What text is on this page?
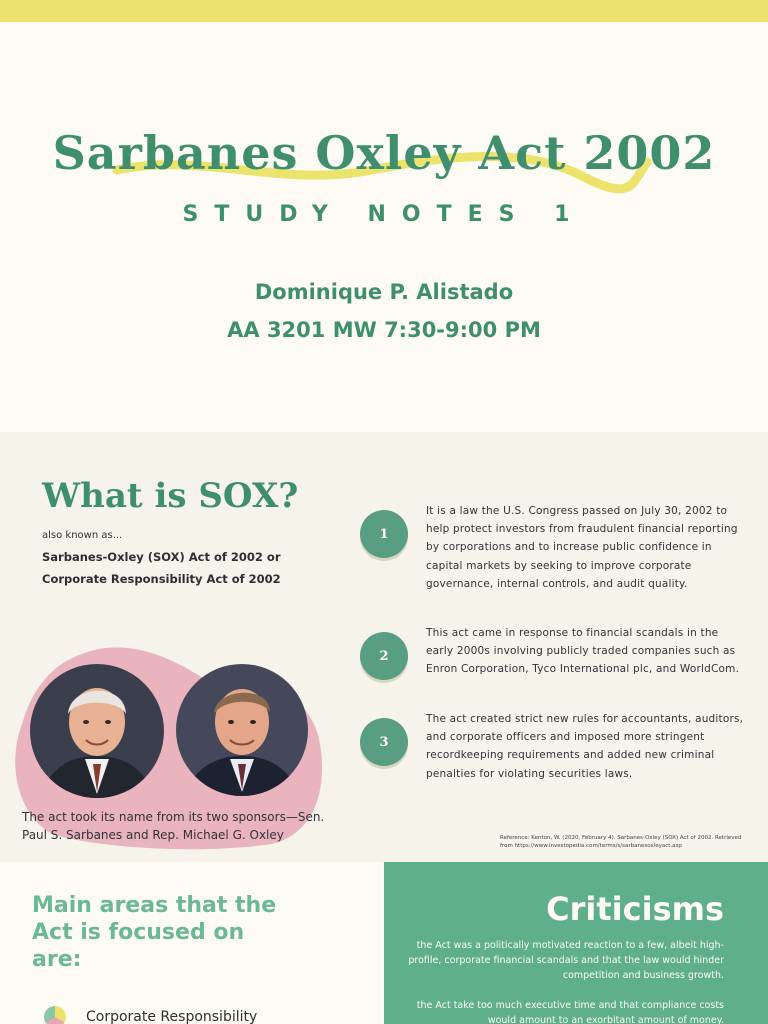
Sarbanes Oxley Act 2002
STUDY NOTES 1
Dominique P. Alistado
AA 3201 MW 7:30-9:00 PM
What is SOX?
also known as...
Sarbanes-Oxley (SOX) Act of 2002 or Corporate Responsibility Act of 2002
The act took its name from its two sponsors—Sen. Paul S. Sarbanes and Rep. Michael G. Oxley
1
It is a law the U.S. Congress passed on July 30, 2002 to help protect investors from fraudulent financial reporting by corporations and to increase public confidence in capital markets by seeking to improve corporate governance, internal controls, and audit quality.
2
This act came in response to financial scandals in the early 2000s involving publicly traded companies such as Enron Corporation, Tyco International plc, and WorldCom.
3
The act created strict new rules for accountants, auditors, and corporate officers and imposed more stringent recordkeeping requirements and added new criminal penalties for violating securities laws.
Reference: Kenton, W. (2020, February 4). Sarbanes-Oxley (SOX) Act of 2002. Retrieved from https://www.investopedia.com/terms/s/sarbanesoxleyact.asp
Main areas that the Act is focused on are:
Corporate Responsibility
Criticisms
the Act was a politically motivated reaction to a few, albeit high-profile, corporate financial scandals and that the law would hinder competition and business growth.
the Act take too much executive time and that compliance costs would amount to an exorbitant amount of money.
